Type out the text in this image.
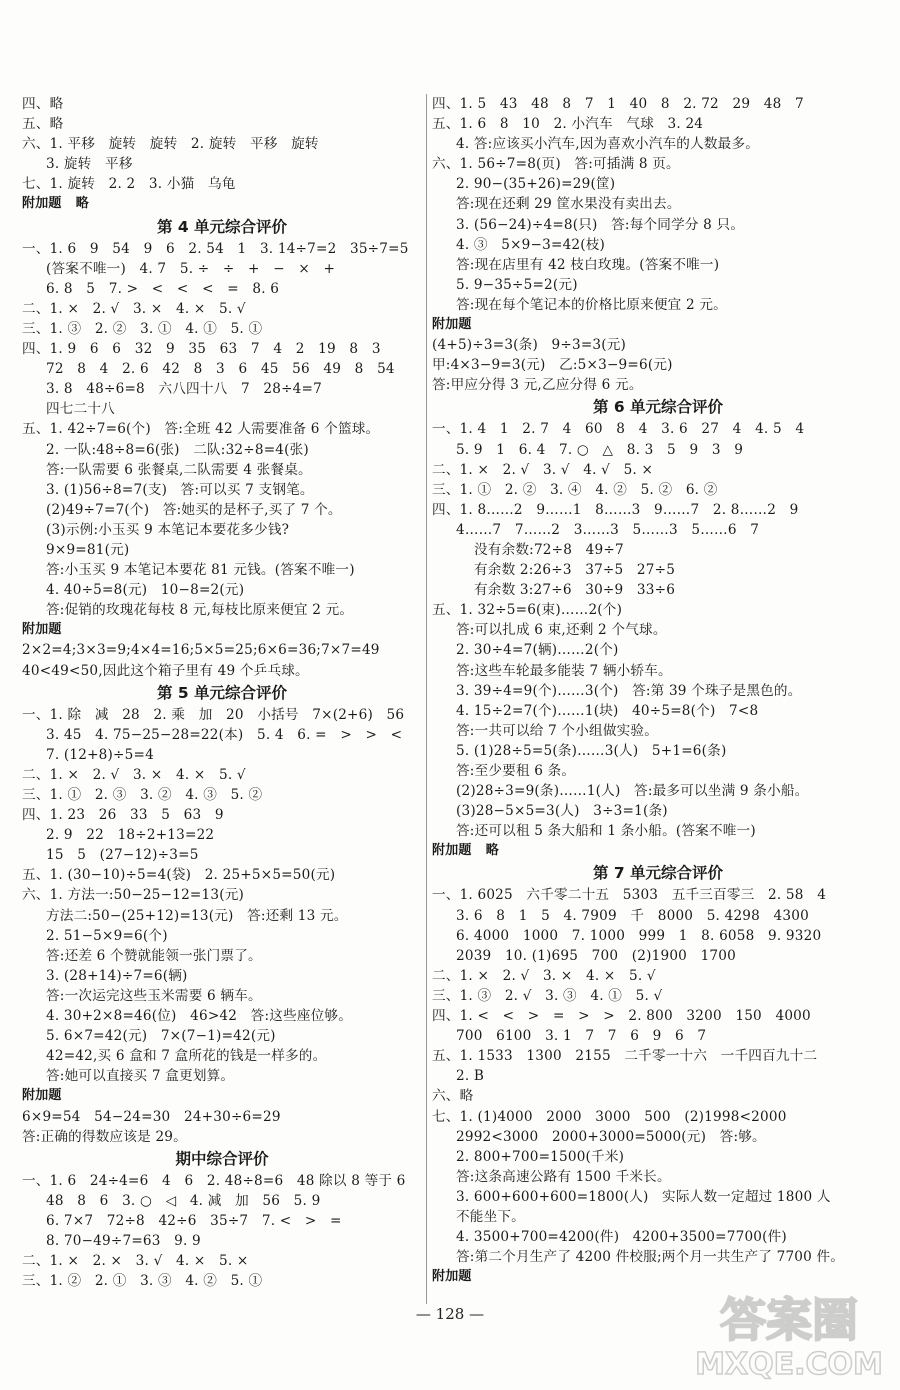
四、略
五、略
六、1. 平移   旋转   旋转   2. 旋转   平移   旋转
3. 旋转   平移
七、1. 旋转   2. 2   3. 小猫   乌龟
附加题   略
第 4 单元综合评价
一、1. 6   9   54   9   6   2. 54   1   3. 14÷7=2   35÷7=5
(答案不唯一)   4. 7   5. ÷   ÷   +   −   ×   +
6. 8   5   7. >   <   <   <   =   8. 6
二、1. ×   2. √   3. ×   4. ×   5. √
三、1. ③   2. ②   3. ①   4. ①   5. ①
四、1. 9   6   6   32   9   35   63   7   4   2   19   8   3
72   8   4   2. 6   42   8   3   6   45   56   49   8   54
3. 8   48÷6=8   六八四十八   7   28÷4=7
四七二十八
五、1. 42÷7=6(个)   答:全班 42 人需要准备 6 个篮球。
2. 一队:48÷8=6(张)   二队:32÷8=4(张)
答:一队需要 6 张餐桌,二队需要 4 张餐桌。
3. (1)56÷8=7(支)   答:可以买 7 支钢笔。
(2)49÷7=7(个)   答:她买的是杯子,买了 7 个。
(3)示例:小玉买 9 本笔记本要花多少钱?
9×9=81(元)
答:小玉买 9 本笔记本要花 81 元钱。(答案不唯一)
4. 40÷5=8(元)   10−8=2(元)
答:促销的玫瑰花每枝 8 元,每枝比原来便宜 2 元。
附加题
2×2=4;3×3=9;4×4=16;5×5=25;6×6=36;7×7=49
40<49<50,因此这个箱子里有 49 个乒乓球。
第 5 单元综合评价
一、1. 除   减   28   2. 乘   加   20   小括号   7×(2+6)   56
3. 45   4. 75−25−28=22(本)   5. 4   6. =   >   >   <
7. (12+8)÷5=4
二、1. ×   2. √   3. ×   4. ×   5. √
三、1. ①   2. ③   3. ②   4. ③   5. ②
四、1. 23   26   33   5   63   9
2. 9   22   18÷2+13=22
15   5   (27−12)÷3=5
五、1. (30−10)÷5=4(袋)   2. 25+5×5=50(元)
六、1. 方法一:50−25−12=13(元)
方法二:50−(25+12)=13(元)   答:还剩 13 元。
2. 51−5×9=6(个)
答:还差 6 个赞就能领一张门票了。
3. (28+14)÷7=6(辆)
答:一次运完这些玉米需要 6 辆车。
4. 30+2×8=46(位)   46>42   答:这些座位够。
5. 6×7=42(元)   7×(7−1)=42(元)
42=42,买 6 盒和 7 盒所花的钱是一样多的。
答:她可以直接买 7 盒更划算。
附加题
6×9=54   54−24=30   24+30÷6=29
答:正确的得数应该是 29。
期中综合评价
一、1. 6   24÷4=6   4   6   2. 48÷8=6   48 除以 8 等于 6
48   8   6   3. ○   ◁   4. 减   加   56   5. 9
6. 7×7   72÷8   42÷6   35÷7   7. <   >   =
8. 70−49÷7=63   9. 9
二、1. ×   2. ×   3. √   4. ×   5. ×
三、1. ②   2. ①   3. ③   4. ②   5. ①
四、1. 5   43   48   8   7   1   40   8   2. 72   29   48   7
五、1. 6   8   10   2. 小汽车   气球   3. 24
4. 答:应该买小汽车,因为喜欢小汽车的人数最多。
六、1. 56÷7=8(页)   答:可插满 8 页。
2. 90−(35+26)=29(筐)
答:现在还剩 29 筐水果没有卖出去。
3. (56−24)÷4=8(只)   答:每个同学分 8 只。
4. ③   5×9−3=42(枝)
答:现在店里有 42 枝白玫瑰。(答案不唯一)
5. 9−35÷5=2(元)
答:现在每个笔记本的价格比原来便宜 2 元。
附加题
(4+5)÷3=3(条)   9÷3=3(元)
甲:4×3−9=3(元)   乙:5×3−9=6(元)
答:甲应分得 3 元,乙应分得 6 元。
第 6 单元综合评价
一、1. 4   1   2. 7   4   60   8   4   3. 6   27   4   4. 5   4
5. 9   1   6. 4   7. ○   △   8. 3   5   9   3   9
二、1. ×   2. √   3. √   4. √   5. ×
三、1. ①   2. ②   3. ④   4. ②   5. ②   6. ②
四、1. 8……2   9……1   8……3   9……7   2. 8……2   9
4……7   7……2   3……3   5……3   5……6   7
没有余数:72÷8   49÷7
有余数 2:26÷3   37÷5   27÷5
有余数 3:27÷6   30÷9   33÷6
五、1. 32÷5=6(束)……2(个)
答:可以扎成 6 束,还剩 2 个气球。
2. 30÷4=7(辆)……2(个)
答:这些车轮最多能装 7 辆小轿车。
3. 39÷4=9(个)……3(个)   答:第 39 个珠子是黑色的。
4. 15÷2=7(个)……1(块)   40÷5=8(个)   7<8
答:一共可以给 7 个小组做实验。
5. (1)28÷5=5(条)……3(人)   5+1=6(条)
答:至少要租 6 条。
(2)28÷3=9(条)……1(人)   答:最多可以坐满 9 条小船。
(3)28−5×5=3(人)   3÷3=1(条)
答:还可以租 5 条大船和 1 条小船。(答案不唯一)
附加题   略
第 7 单元综合评价
一、1. 6025   六千零二十五   5303   五千三百零三   2. 58   4
3. 6   8   1   5   4. 7909   千   8000   5. 4298   4300
6. 4000   1000   7. 1000   999   1   8. 6058   9. 9320
2039   10. (1)695   700   (2)1900   1700
二、1. ×   2. √   3. ×   4. ×   5. √
三、1. ③   2. √   3. ③   4. ①   5. √
四、1. <   <   >   =   >   >   2. 800   3200   150   4000
700   6100   3. 1   7   7   6   9   6   7
五、1. 1533   1300   2155   二千零一十六   一千四百九十二
2. B
六、略
七、1. (1)4000   2000   3000   500   (2)1998<2000
2992<3000   2000+3000=5000(元)   答:够。
2. 800+700=1500(千米)
答:这条高速公路有 1500 千米长。
3. 600+600+600=1800(人)   实际人数一定超过 1800 人
不能坐下。
4. 3500+700=4200(件)   4200+3500=7700(件)
答:第二个月生产了 4200 件校服;两个月一共生产了 7700 件。
附加题
— 128 —	答案圈
MXQE.COM
